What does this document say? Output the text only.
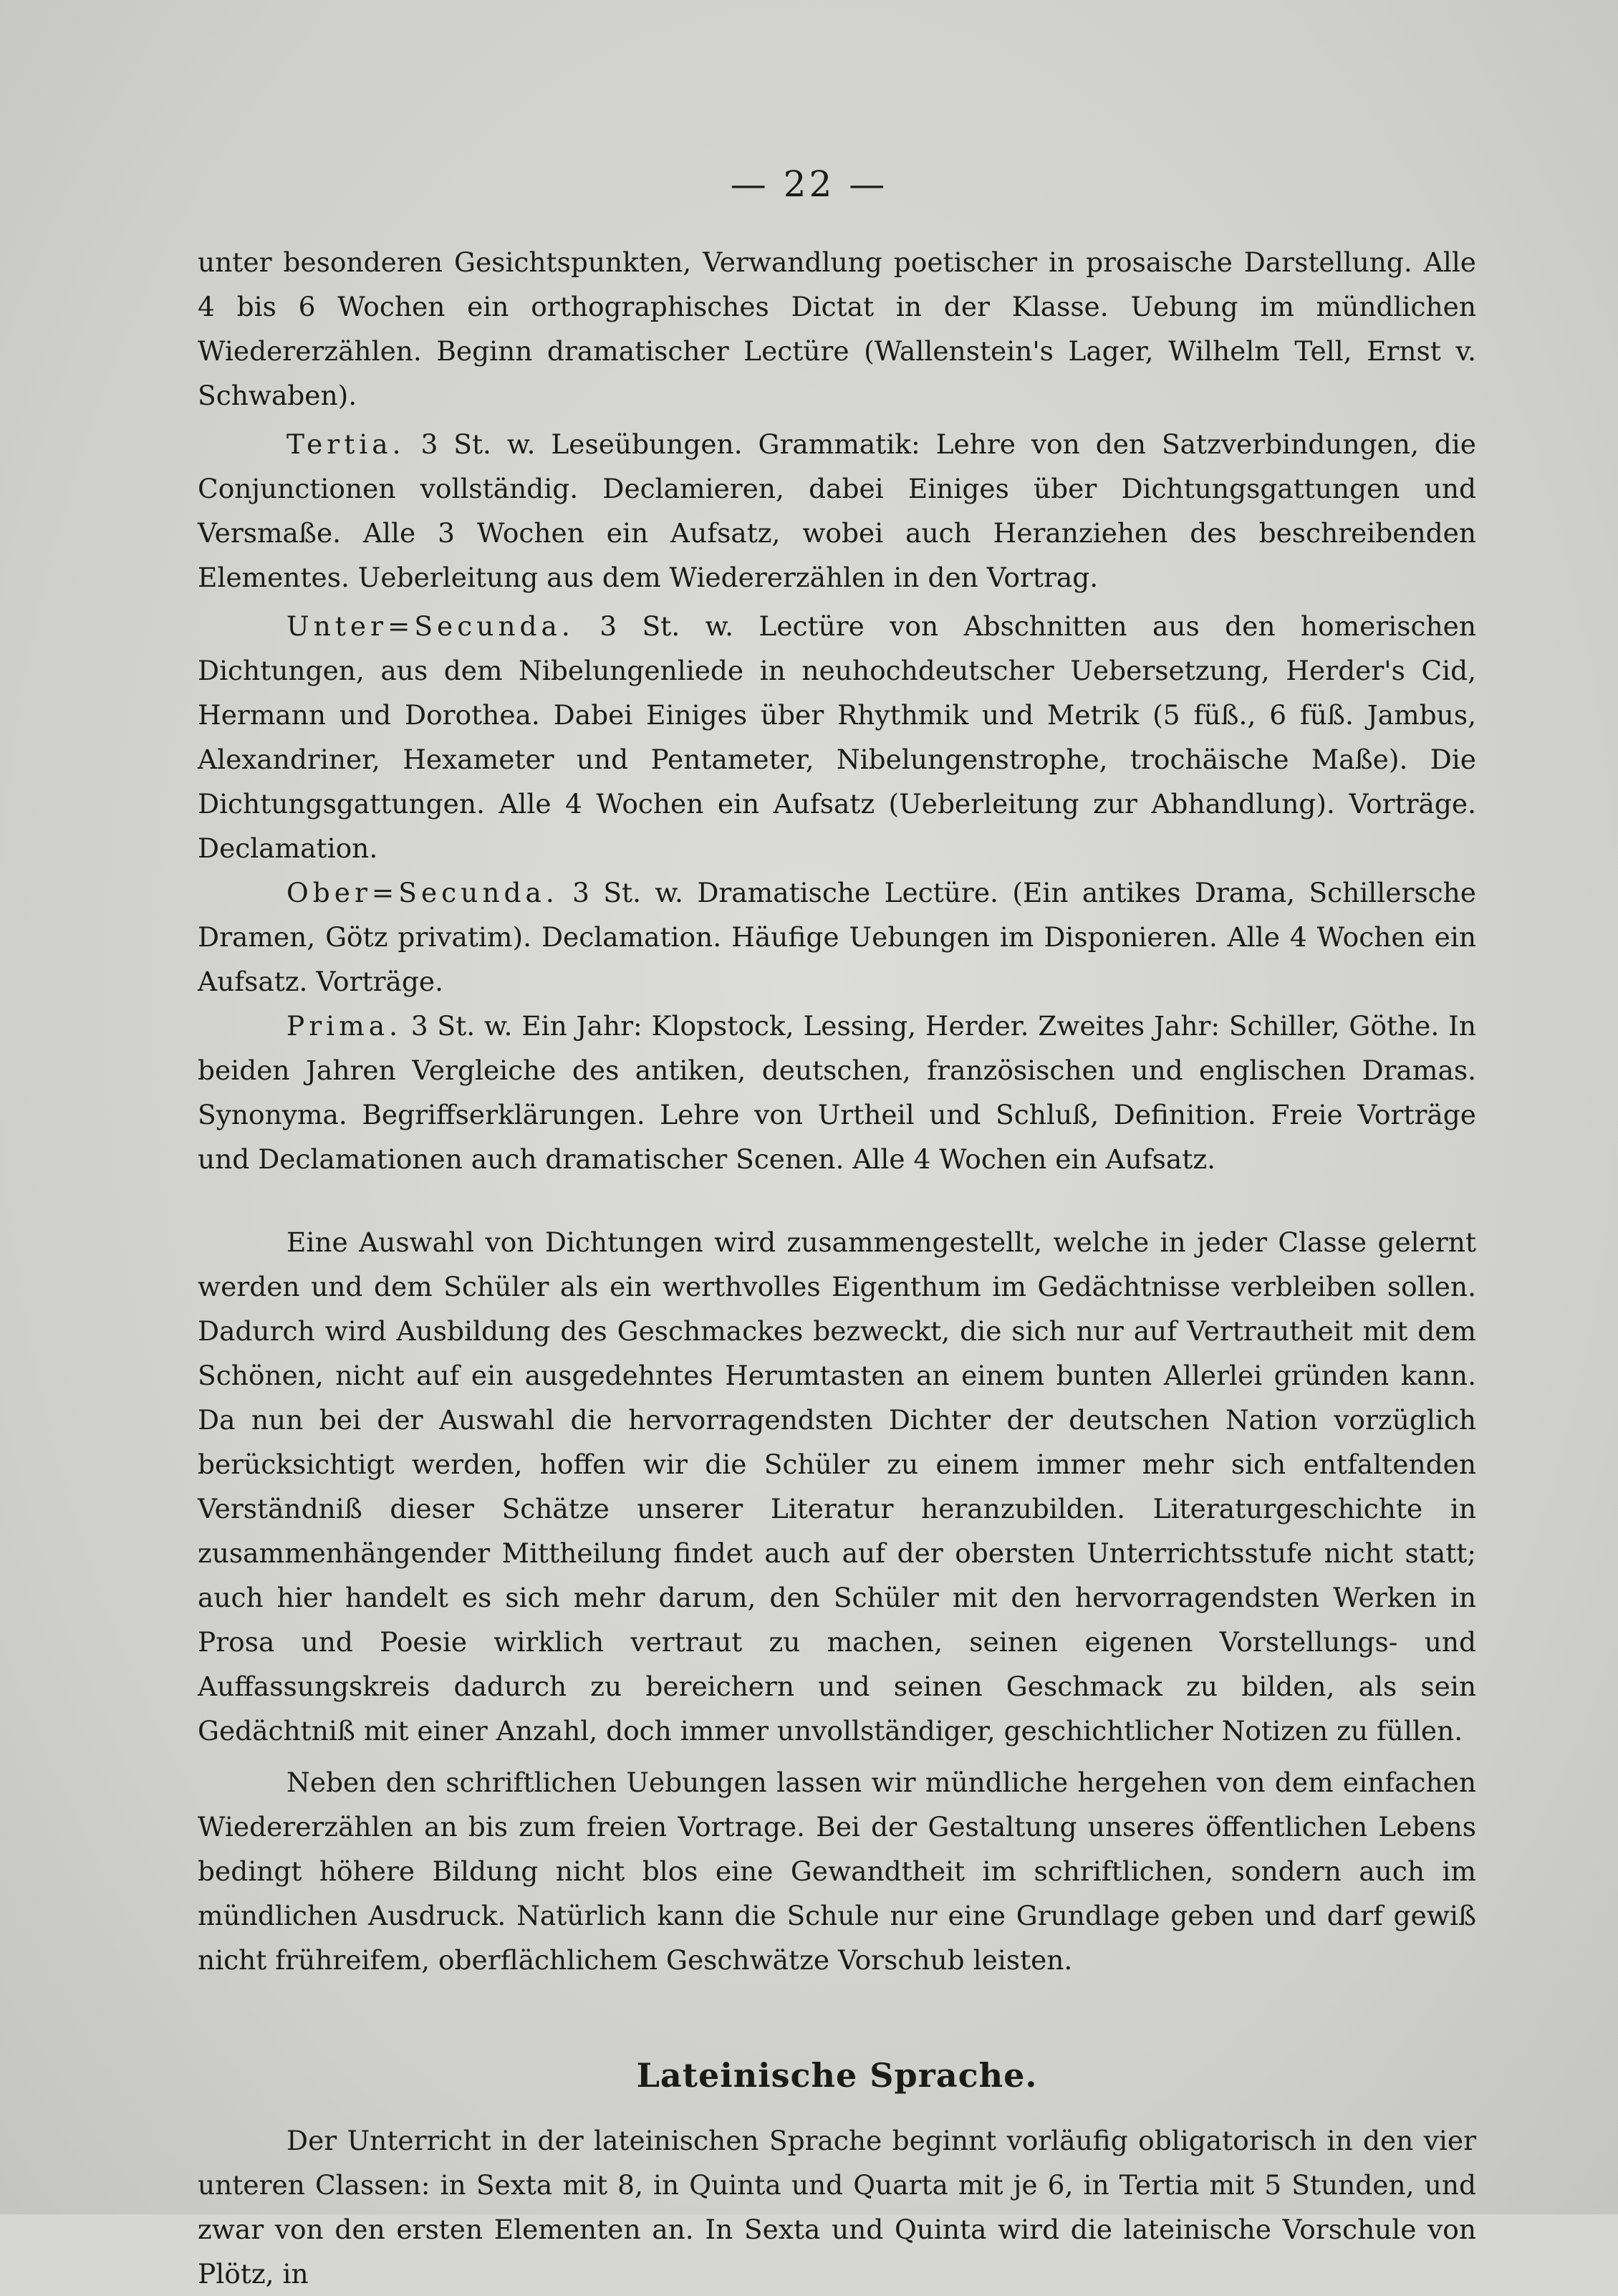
— 22 —

unter besonderen Gesichtspunkten, Verwandlung poetischer in prosaische Darstellung. Alle 4 bis 6 Wochen ein orthographisches Dictat in der Klasse. Uebung im mündlichen Wiedererzählen. Beginn dramatischer Lectüre (Wallenstein's Lager, Wilhelm Tell, Ernst v. Schwaben).

Tertia. 3 St. w. Leseübungen. Grammatik: Lehre von den Satzverbindungen, die Conjunctionen vollständig. Declamieren, dabei Einiges über Dichtungsgattungen und Versmaße. Alle 3 Wochen ein Aufsatz, wobei auch Heranziehen des beschreibenden Elementes. Ueberleitung aus dem Wiedererzählen in den Vortrag.

Unter=Secunda. 3 St. w. Lectüre von Abschnitten aus den homerischen Dichtungen, aus dem Nibelungenliede in neuhochdeutscher Uebersetzung, Herder's Cid, Hermann und Dorothea. Dabei Einiges über Rhythmik und Metrik (5 füß., 6 füß. Jambus, Alexandriner, Hexameter und Pentameter, Nibelungenstrophe, trochäische Maße). Die Dichtungsgattungen. Alle 4 Wochen ein Aufsatz (Ueberleitung zur Abhandlung). Vorträge. Declamation.

Ober=Secunda. 3 St. w. Dramatische Lectüre. (Ein antikes Drama, Schillersche Dramen, Götz privatim). Declamation. Häufige Uebungen im Disponieren. Alle 4 Wochen ein Aufsatz. Vorträge.

Prima. 3 St. w. Ein Jahr: Klopstock, Lessing, Herder. Zweites Jahr: Schiller, Göthe. In beiden Jahren Vergleiche des antiken, deutschen, französischen und englischen Dramas. Synonyma. Begriffserklärungen. Lehre von Urtheil und Schluß, Definition. Freie Vorträge und Declamationen auch dramatischer Scenen. Alle 4 Wochen ein Aufsatz.

Eine Auswahl von Dichtungen wird zusammengestellt, welche in jeder Classe gelernt werden und dem Schüler als ein werthvolles Eigenthum im Gedächtnisse verbleiben sollen. Dadurch wird Ausbildung des Geschmackes bezweckt, die sich nur auf Vertrautheit mit dem Schönen, nicht auf ein ausgedehntes Herumtasten an einem bunten Allerlei gründen kann. Da nun bei der Auswahl die hervorragendsten Dichter der deutschen Nation vorzüglich berücksichtigt werden, hoffen wir die Schüler zu einem immer mehr sich entfaltenden Verständniß dieser Schätze unserer Literatur heranzubilden. Literaturgeschichte in zusammenhängender Mittheilung findet auch auf der obersten Unterrichtsstufe nicht statt; auch hier handelt es sich mehr darum, den Schüler mit den hervorragendsten Werken in Prosa und Poesie wirklich vertraut zu machen, seinen eigenen Vorstellungs- und Auffassungskreis dadurch zu bereichern und seinen Geschmack zu bilden, als sein Gedächtniß mit einer Anzahl, doch immer unvollständiger, geschichtlicher Notizen zu füllen.

Neben den schriftlichen Uebungen lassen wir mündliche hergehen von dem einfachen Wiedererzählen an bis zum freien Vortrage. Bei der Gestaltung unseres öffentlichen Lebens bedingt höhere Bildung nicht blos eine Gewandtheit im schriftlichen, sondern auch im mündlichen Ausdruck. Natürlich kann die Schule nur eine Grundlage geben und darf gewiß nicht frühreifem, oberflächlichem Geschwätze Vorschub leisten.

Lateinische Sprache.

Der Unterricht in der lateinischen Sprache beginnt vorläufig obligatorisch in den vier unteren Classen: in Sexta mit 8, in Quinta und Quarta mit je 6, in Tertia mit 5 Stunden, und zwar von den ersten Elementen an. In Sexta und Quinta wird die lateinische Vorschule von Plötz, in
